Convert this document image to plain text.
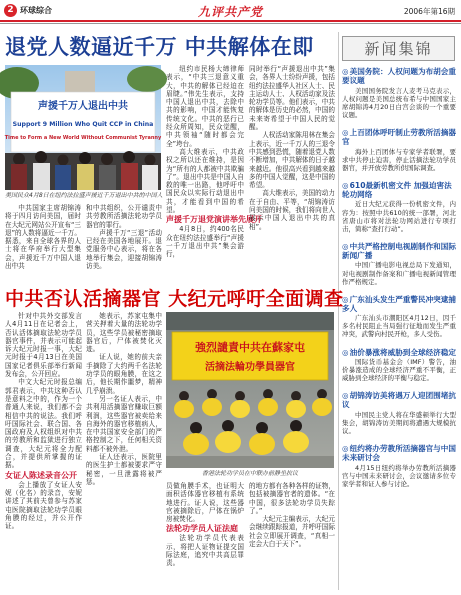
2 环球综合	九评共产党	2006年第16期
退党人数逼近千万 中共解体在即
声援千万人退出中共
Support 9 Million Who Quit CCP in China
Time to Form a New World Without Communist Tyranny
美国民众4月8日在纽约法拉盛声援近千万退出中共的中国人

中共国家主席胡锦涛将于四月访问美国，届时在大纪元网站公开宣布“三退”的人数将逼近一千万。据悉，来自全球各界的人士将在华府举行大型集会，声援近千万中国人退出中共

和中共组织，公开谴责中共劳教所活摘法轮功学员器官的罪行。

声援千万“三退”活动已经在美国各地展开。退党服务中心表示，将在各地举行集会，迎接胡锦涛访美。

纽约市民杨大缔律师表示，“中共三退意义重大，中共的解体已经迫在眉睫。”伟先生表示，支持中国人退出中共，去除中共的影响，中国才能恢复传统文化。中共的恶行已经众所周知，民众觉醒，中共领袖“随时都会完全”垮台。

高大维表示，中共政权之所以还在维持，是因为“所有的人都被中共欺骗了”。退出中共是中国人自救的唯一出路，他呼吁中国民众以实际行动退出中共，才能看到中国的希望。

声援千万退党演讲举先展开

4月8日，约400名民众在纽约法拉盛举行“声援一千万退出中共”集会游行，

同时举行“声援退出中共”集会，各界人士纷纷声援，包括纽约法拉盛华人社区人士、民主运动人士、人权活动家及法轮功学员等。他们表示，中共的解体是历史的必然，中国的未来寄希望于中国人民的觉醒。

人权活动家陈用林在集会上表示，近一千万人的三退令中共感到恐慌，随着退党人数不断增加，中共解体的日子越来越近。他很高兴看到越来越多的中国人觉醒，这是中国的希望。

高大维表示，美国的动力在于自由、平等，“胡锦涛访问美国的时候，我们将向世人展示中国人退出中共的真相”。

中共否认活摘器官 大纪元呼吁全面调查

针对中共外交部发言人4月11日在记者会上，否认活体摘取法轮功学员器官事件，并表示可能起诉大纪元时报一事，大纪元时报于4月13日在美国国家记者俱乐部举行新闻发布会，公开回应。

中文大纪元时报总编郭君表示，中共这种否认是意料之中的，作为一个普通人来说，我们都不会相信中共的说法。我们呼吁国际社会、联合国、各国政府及人权组织对中共的劳教所和监狱进行独立调查，大纪元将全力配合，并提供所掌握的证据。

女证人陈述录音公开

会上播放了女证人安妮（化名）的录音，安妮讲述了其前夫曾参与苏家屯医院摘取法轮功学员眼角膜的经过，并公开作证。

她表示，苏家屯集中营关押着大量的法轮功学员，这些学员被秘密摘取器官后，尸体被焚化灭迹。

证人说，她的前夫亲手摘除了大约两千名法轮功学员的眼角膜，在这之后，他长期作噩梦，精神几乎崩溃。

另一名证人表示，中共利用活摘器官赚取巨额利润，这些器官被卖给来自海外的器官移植病人，在中共国家安全部门的严格控制之下，任何相关资料都不被外泄。

证人还表示，医院里的医生护士都被要求严守秘密，一旦泄露将被严惩。

強烈譴責中共在蘇家屯
活摘法輪功學員器官
香港法轮功学员在中联办前静坐抗议

员做角膜手术，也证明大面积活体器官移植有系统地进行。证人说，这些器官被摘除后，尸体在锅炉房被焚化。

法轮功学员人证法庭

法轮功学员代表表示，将把人证物证提交国际法庭，追究中共高层罪责。

的地方都有各种各样的证物，包括被摘器官者的遗体。“在中国，很多法轮功学员失踪了。”

大纪元主编表示，大纪元会继续跟踪报道，并呼吁国际社会立即展开调查，“真相一定会大白于天下”。

新闻集锦
◎美国务院：人权问题为布胡会重要议题
美国国务院发言人麦考马克表示，人权问题是美国总统布希与中国国家主席胡锦涛4月20日白宫会谈的一个重要议题。
◎上百团体呼吁制止劳教所活摘器官
海外上百团体与专家学者联署，要求中共停止迫害，停止活摘法轮功学员器官，并开放劳教所供国际调查。
◎610最新机密文件 加强迫害法轮功网络
近日大纪元获得一份机密文件，内容为：按照中共610的统一部署，河北省唐山市将对法轮功网站进行专项打击，简称“查打行动”。
◎中共严格控制电视剧制作和国际新闻广播
中国广播电影电视总局下发通知，对电视剧制作备案和广播电视新闻管理作严格规定。
◎广东汕头发生严重警民冲突逮捕多人
广东汕头市潮阳区4月12日，因千多名村民阻止当局强行征地而发生严重冲突，武警向村民开枪，多人受伤。
◎油价暴涨将威胁到全球经济稳定
国际货币基金会（IMF）警告，油价暴涨造成的全球经济严重不平衡，正威胁到全球经济的平衡与稳定。
◎胡锦涛访美将遇万人迎团围堵抗议
中国民主党人将在华盛顿举行大型集会，胡锦涛访美期间将遭遇大规模抗议。
◎纽约将办劳教所活摘器官与中国未来研讨会
4月15日纽约将举办劳教所活摘器官与中国未来研讨会，会议邀请多位专家学者和证人参与讨论。
